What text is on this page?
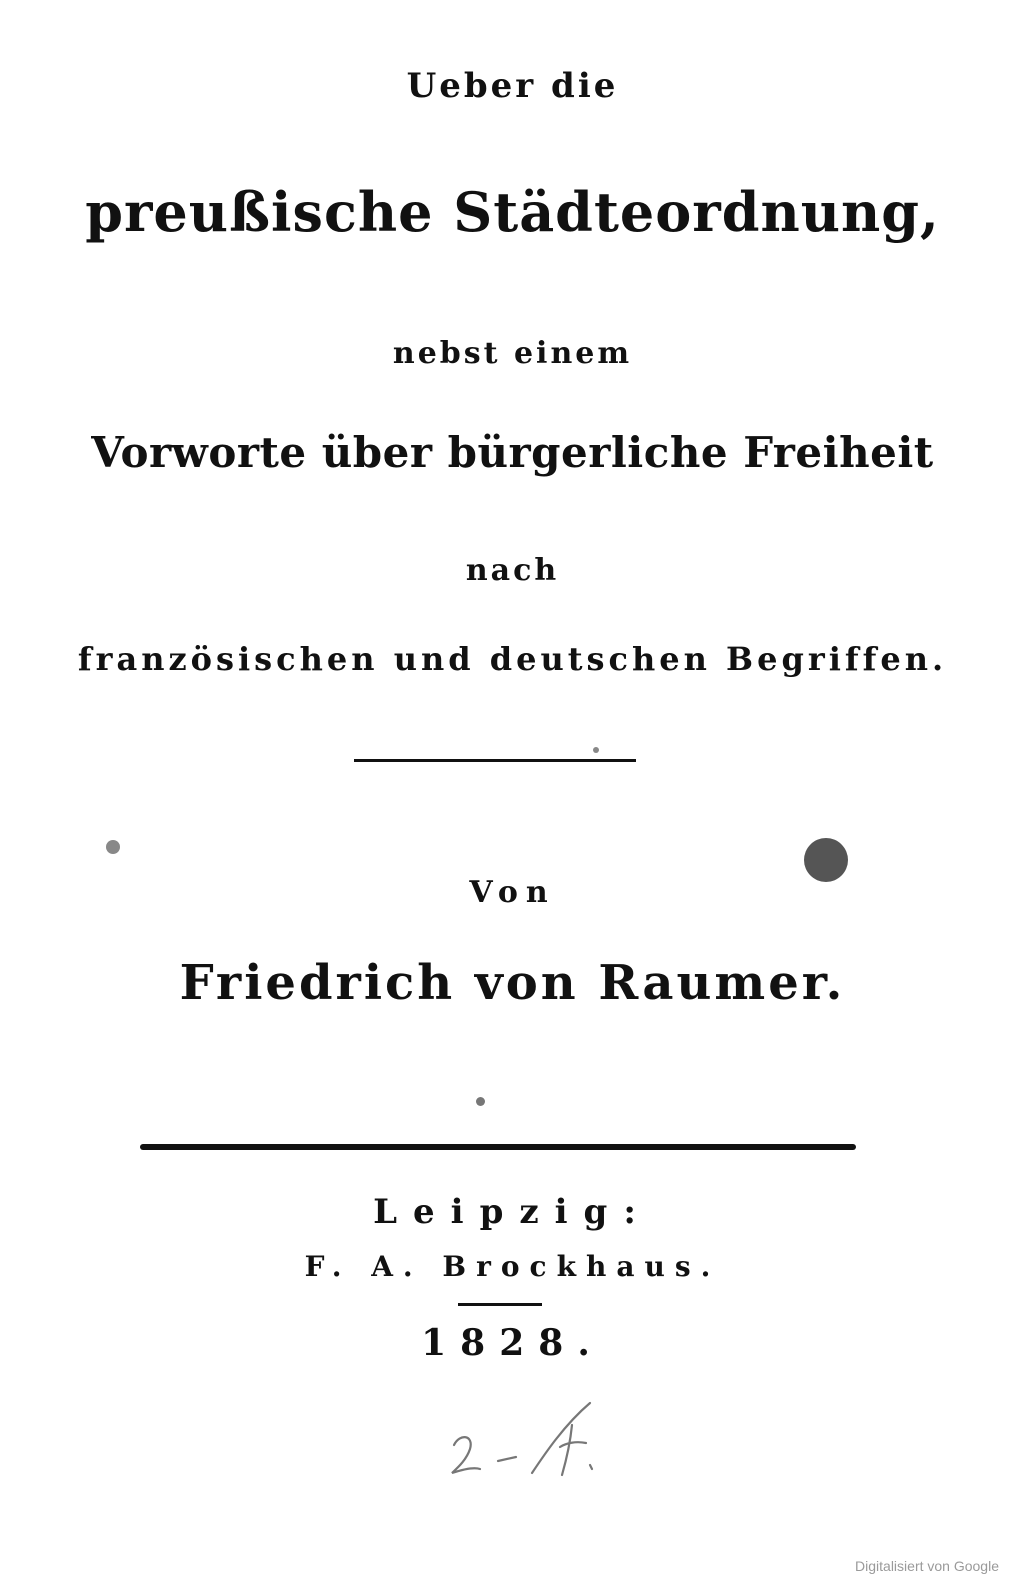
Ueber die
preußische Städteordnung,
nebst einem
Vorworte über bürgerliche Freiheit
nach
französischen und deutschen Begriffen.
Von
Friedrich von Raumer.
Leipzig:
F. A. Brockhaus.
1828.
Digitalisiert von Google
